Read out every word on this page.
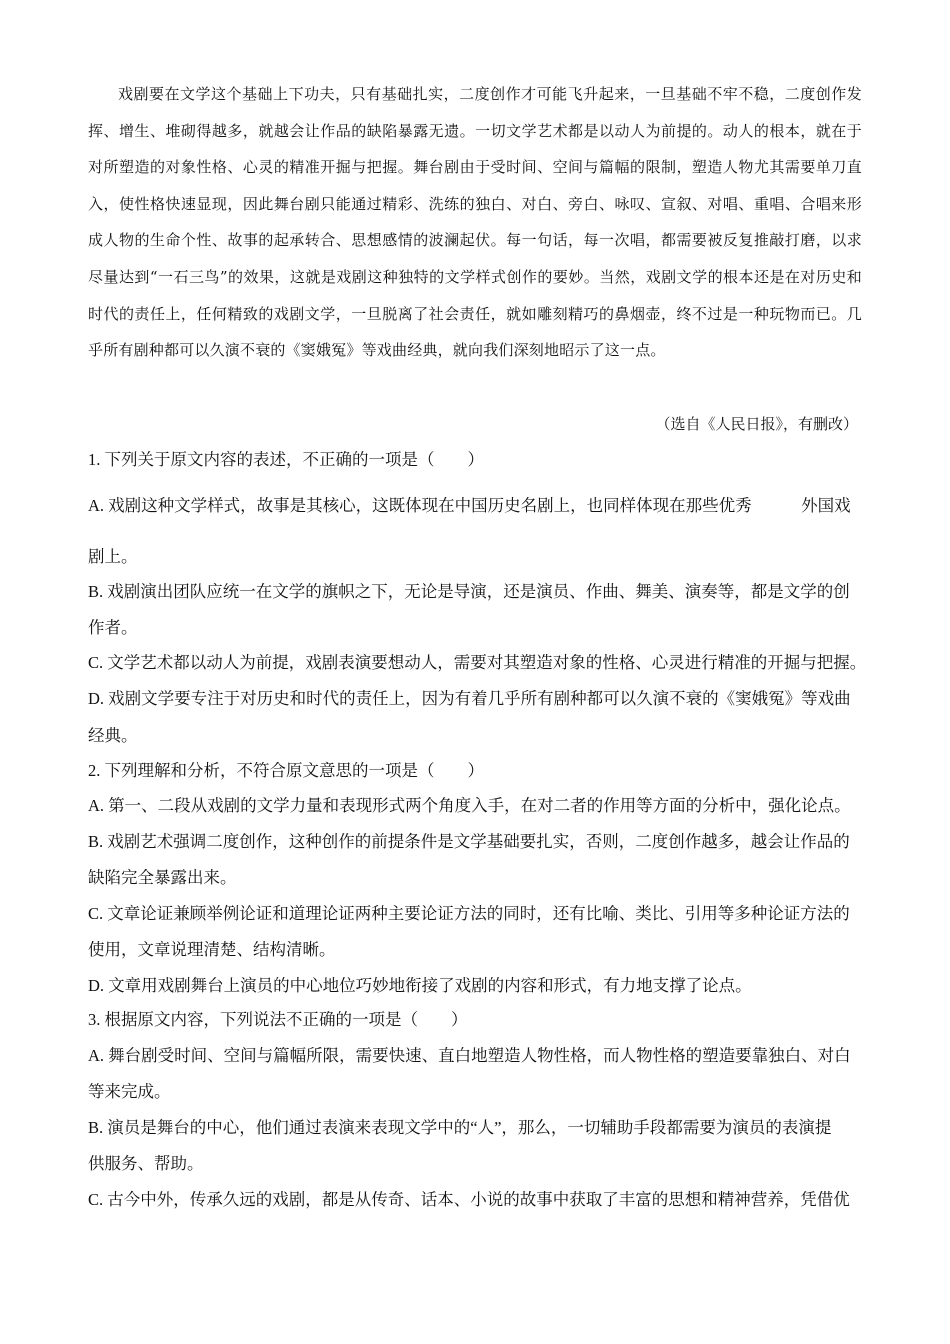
戏剧要在文学这个基础上下功夫，只有基础扎实，二度创作才可能飞升起来，一旦基础不牢不稳，二度创作发挥、增生、堆砌得越多，就越会让作品的缺陷暴露无遗。一切文学艺术都是以动人为前提的。动人的根本，就在于对所塑造的对象性格、心灵的精准开掘与把握。舞台剧由于受时间、空间与篇幅的限制，塑造人物尤其需要单刀直入，使性格快速显现，因此舞台剧只能通过精彩、洗练的独白、对白、旁白、咏叹、宣叙、对唱、重唱、合唱来形成人物的生命个性、故事的起承转合、思想感情的波澜起伏。每一句话，每一次唱，都需要被反复推敲打磨，以求尽量达到“一石三鸟”的效果，这就是戏剧这种独特的文学样式创作的要妙。当然，戏剧文学的根本还是在对历史和时代的责任上，任何精致的戏剧文学，一旦脱离了社会责任，就如雕刻精巧的鼻烟壶，终不过是一种玩物而已。几乎所有剧种都可以久演不衰的《窦娥冤》等戏曲经典，就向我们深刻地昭示了这一点。

（选自《人民日报》，有删改）
1. 下列关于原文内容的表述，不正确的一项是（　　）
A. 戏剧这种文学样式，故事是其核心，这既体现在中国历史名剧上，也同样体现在那些优秀　　　外国戏
剧上。
B. 戏剧演出团队应统一在文学的旗帜之下，无论是导演，还是演员、作曲、舞美、演奏等，都是文学的创
作者。
C. 文学艺术都以动人为前提，戏剧表演要想动人，需要对其塑造对象的性格、心灵进行精准的开掘与把握。
D. 戏剧文学要专注于对历史和时代的责任上，因为有着几乎所有剧种都可以久演不衰的《窦娥冤》等戏曲
经典。
2. 下列理解和分析，不符合原文意思的一项是（　　）
A. 第一、二段从戏剧的文学力量和表现形式两个角度入手，在对二者的作用等方面的分析中，强化论点。
B. 戏剧艺术强调二度创作，这种创作的前提条件是文学基础要扎实，否则，二度创作越多，越会让作品的
缺陷完全暴露出来。
C. 文章论证兼顾举例论证和道理论证两种主要论证方法的同时，还有比喻、类比、引用等多种论证方法的
使用，文章说理清楚、结构清晰。
D. 文章用戏剧舞台上演员的中心地位巧妙地衔接了戏剧的内容和形式，有力地支撑了论点。
3. 根据原文内容，下列说法不正确的一项是（　　）
A. 舞台剧受时间、空间与篇幅所限，需要快速、直白地塑造人物性格，而人物性格的塑造要靠独白、对白
等来完成。
B. 演员是舞台的中心，他们通过表演来表现文学中的“人”，那么，一切辅助手段都需要为演员的表演提
供服务、帮助。
C. 古今中外，传承久远的戏剧，都是从传奇、话本、小说的故事中获取了丰富的思想和精神营养，凭借优
